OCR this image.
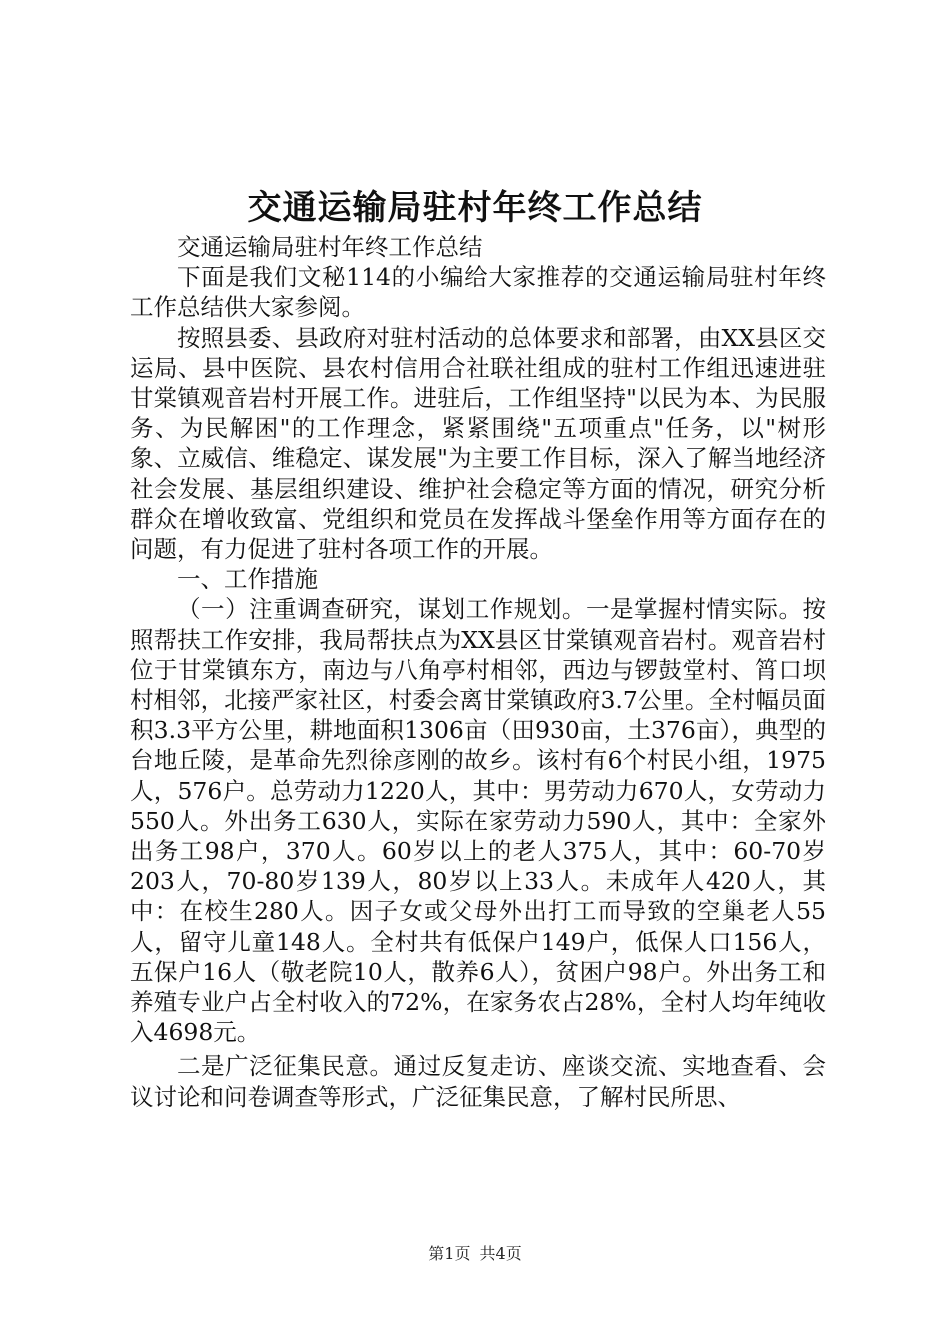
交通运输局驻村年终工作总结

交通运输局驻村年终工作总结

下面是我们文秘114的小编给大家推荐的交通运输局驻村年终工作总结供大家参阅。

按照县委、县政府对驻村活动的总体要求和部署，由XX县区交运局、县中医院、县农村信用合社联社组成的驻村工作组迅速进驻甘棠镇观音岩村开展工作。进驻后，工作组坚持"以民为本、为民服务、为民解困"的工作理念，紧紧围绕"五项重点"任务，以"树形象、立威信、维稳定、谋发展"为主要工作目标，深入了解当地经济社会发展、基层组织建设、维护社会稳定等方面的情况，研究分析群众在增收致富、党组织和党员在发挥战斗堡垒作用等方面存在的问题，有力促进了驻村各项工作的开展。

一、工作措施

（一）注重调查研究，谋划工作规划。一是掌握村情实际。按照帮扶工作安排，我局帮扶点为XX县区甘棠镇观音岩村。观音岩村位于甘棠镇东方，南边与八角亭村相邻，西边与锣鼓堂村、筲口坝村相邻，北接严家社区，村委会离甘棠镇政府3.7公里。全村幅员面积3.3平方公里，耕地面积1306亩（田930亩，土376亩），典型的台地丘陵，是革命先烈徐彦刚的故乡。该村有6个村民小组，1975人，576户。总劳动力1220人，其中：男劳动力670人，女劳动力550人。外出务工630人，实际在家劳动力590人，其中：全家外出务工98户，370人。60岁以上的老人375人，其中：60-70岁203人，70-80岁139人，80岁以上33人。未成年人420人，其中：在校生280人。因子女或父母外出打工而导致的空巢老人55人，留守儿童148人。全村共有低保户149户，低保人口156人，五保户16人（敬老院10人，散养6人），贫困户98户。外出务工和养殖专业户占全村收入的72%，在家务农占28%，全村人均年纯收入4698元。

二是广泛征集民意。通过反复走访、座谈交流、实地查看、会议讨论和问卷调查等形式，广泛征集民意，了解村民所思、

第1页 共4页
